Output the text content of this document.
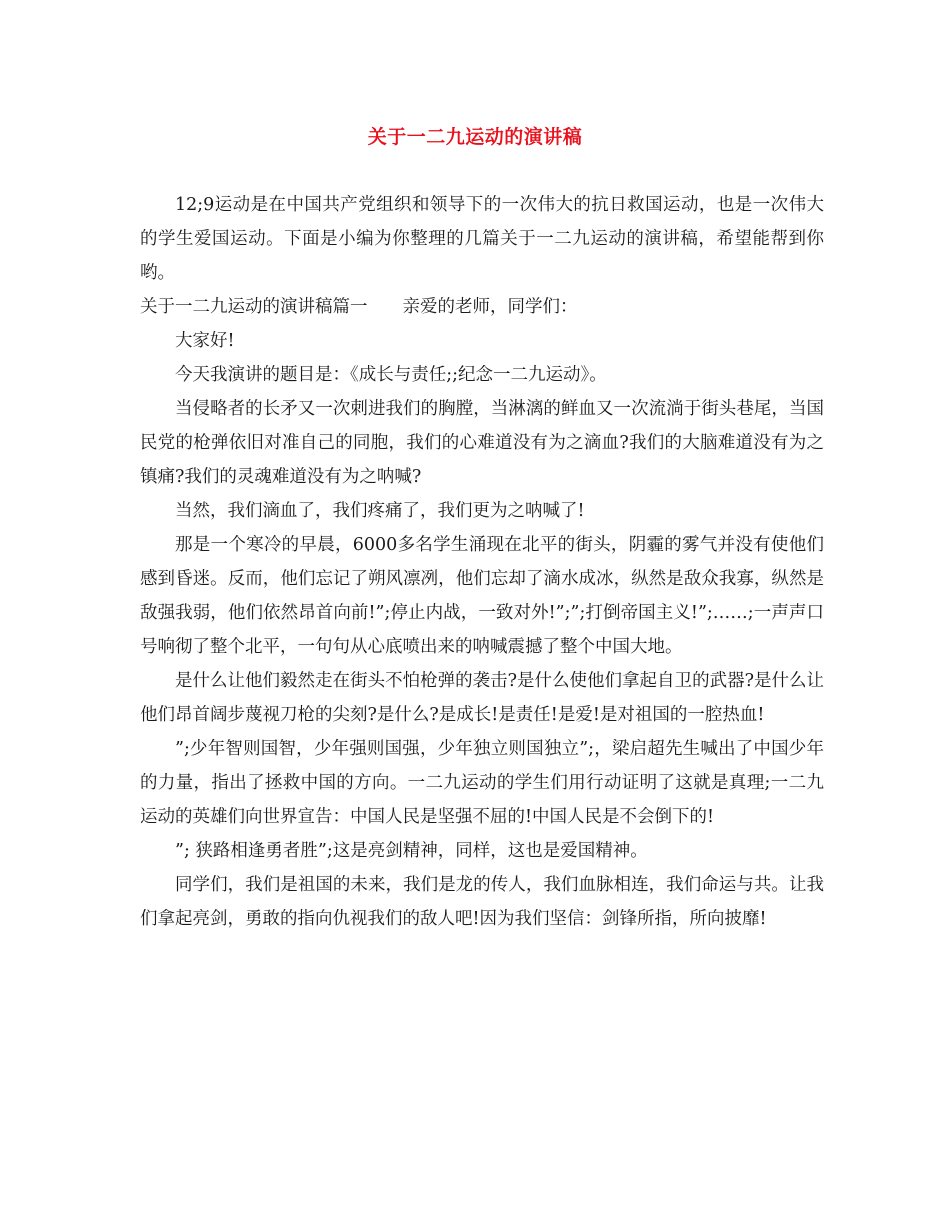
关于一二九运动的演讲稿

12;9运动是在中国共产党组织和领导下的一次伟大的抗日救国运动，也是一次伟大的学生爱国运动。下面是小编为你整理的几篇关于一二九运动的演讲稿，希望能帮到你哟。

关于一二九运动的演讲稿篇一　　亲爱的老师，同学们：

大家好!

今天我演讲的题目是：《成长与责任;;纪念一二九运动》。

当侵略者的长矛又一次刺进我们的胸膛，当淋漓的鲜血又一次流淌于街头巷尾，当国民党的枪弹依旧对准自己的同胞，我们的心难道没有为之滴血?我们的大脑难道没有为之镇痛?我们的灵魂难道没有为之呐喊?

当然，我们滴血了，我们疼痛了，我们更为之呐喊了!

那是一个寒冷的早晨，6000多名学生涌现在北平的街头，阴霾的雾气并没有使他们感到昏迷。反而，他们忘记了朔风凛冽，他们忘却了滴水成冰，纵然是敌众我寡，纵然是敌强我弱，他们依然昂首向前!”;停止内战，一致对外!”;”;打倒帝国主义!”;……;一声声口号响彻了整个北平，一句句从心底喷出来的呐喊震撼了整个中国大地。

是什么让他们毅然走在街头不怕枪弹的袭击?是什么使他们拿起自卫的武器?是什么让他们昂首阔步蔑视刀枪的尖刻?是什么?是成长!是责任!是爱!是对祖国的一腔热血!

”;少年智则国智，少年强则国强，少年独立则国独立”;，梁启超先生喊出了中国少年的力量，指出了拯救中国的方向。一二九运动的学生们用行动证明了这就是真理;一二九运动的英雄们向世界宣告：中国人民是坚强不屈的!中国人民是不会倒下的!

”; 狭路相逢勇者胜”;这是亮剑精神，同样，这也是爱国精神。

同学们，我们是祖国的未来，我们是龙的传人，我们血脉相连，我们命运与共。让我们拿起亮剑，勇敢的指向仇视我们的敌人吧!因为我们坚信：剑锋所指，所向披靡!
